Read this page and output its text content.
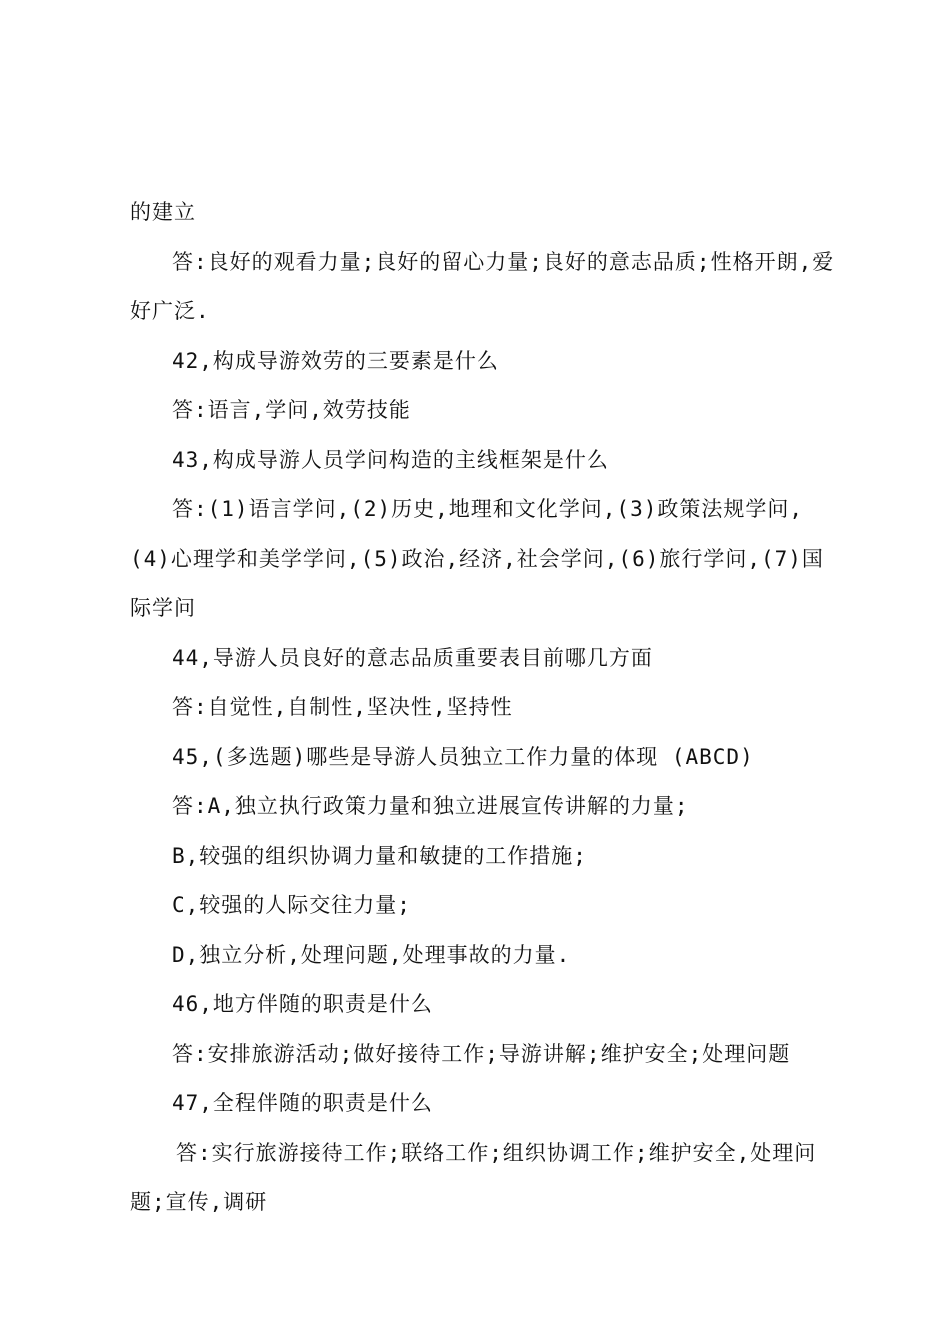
的建立

答:良好的观看力量;良好的留心力量;良好的意志品质;性格开朗,爱好广泛.

42,构成导游效劳的三要素是什么

答:语言,学问,效劳技能

43,构成导游人员学问构造的主线框架是什么

答:(1)语言学问,(2)历史,地理和文化学问,(3)政策法规学问,(4)心理学和美学学问,(5)政治,经济,社会学问,(6)旅行学问,(7)国际学问

44,导游人员良好的意志品质重要表目前哪几方面

答:自觉性,自制性,坚决性,坚持性

45,(多选题)哪些是导游人员独立工作力量的体现 (ABCD)

答:A,独立执行政策力量和独立进展宣传讲解的力量;

B,较强的组织协调力量和敏捷的工作措施;

C,较强的人际交往力量;

D,独立分析,处理问题,处理事故的力量.

46,地方伴随的职责是什么

答:安排旅游活动;做好接待工作;导游讲解;维护安全;处理问题

47,全程伴随的职责是什么

答:实行旅游接待工作;联络工作;组织协调工作;维护安全,处理问题;宣传,调研
